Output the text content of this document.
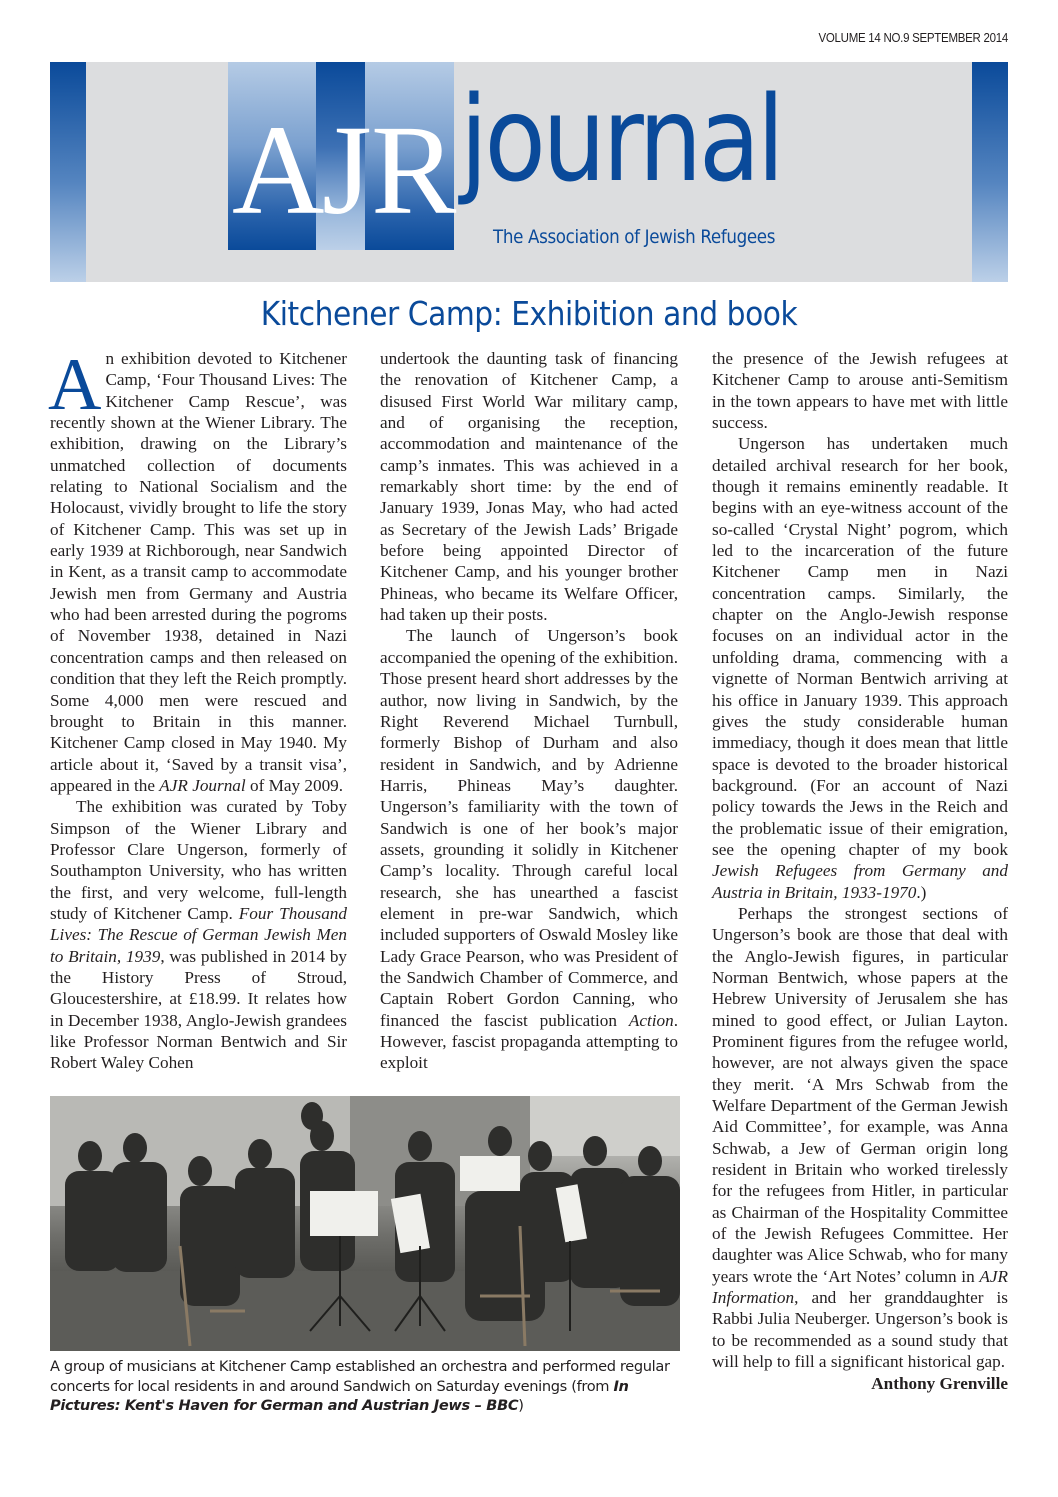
VOLUME 14 NO.9 SEPTEMBER 2014
A
J R journal
The Association of Jewish Refugees
Kitchener Camp: Exhibition and book

An exhibition devoted to Kitchener Camp, ‘Four Thousand Lives: The Kitchener Camp Rescue’, was recently shown at the Wiener Library. The exhibition, drawing on the Library’s unmatched collection of documents relating to National Socialism and the Holocaust, vividly brought to life the story of Kitchener Camp. This was set up in early 1939 at Richborough, near Sandwich in Kent, as a transit camp to accommodate Jewish men from Germany and Austria who had been arrested during the pogroms of November 1938, detained in Nazi concentration camps and then released on condition that they left the Reich promptly. Some 4,000 men were rescued and brought to Britain in this manner. Kitchener Camp closed in May 1940. My article about it, ‘Saved by a transit visa’, appeared in the AJR Journal of May 2009.

The exhibition was curated by Toby Simpson of the Wiener Library and Professor Clare Ungerson, formerly of Southampton University, who has written the first, and very welcome, full-length study of Kitchener Camp. Four Thousand Lives: The Rescue of German Jewish Men to Britain, 1939, was published in 2014 by the History Press of Stroud, Gloucestershire, at £18.99. It relates how in December 1938, Anglo-Jewish grandees like Professor Norman Bentwich and Sir Robert Waley Cohen

undertook the daunting task of financing the renovation of Kitchener Camp, a disused First World War military camp, and of organising the reception, accommodation and maintenance of the camp’s inmates. This was achieved in a remarkably short time: by the end of January 1939, Jonas May, who had acted as Secretary of the Jewish Lads’ Brigade before being appointed Director of Kitchener Camp, and his younger brother Phineas, who became its Welfare Officer, had taken up their posts.

The launch of Ungerson’s book accompanied the opening of the exhibition. Those present heard short addresses by the author, now living in Sandwich, by the Right Reverend Michael Turnbull, formerly Bishop of Durham and also resident in Sandwich, and by Adrienne Harris, Phineas May’s daughter. Ungerson’s familiarity with the town of Sandwich is one of her book’s major assets, grounding it solidly in Kitchener Camp’s locality. Through careful local research, she has unearthed a fascist element in pre-war Sandwich, which included supporters of Oswald Mosley like Lady Grace Pearson, who was President of the Sandwich Chamber of Commerce, and Captain Robert Gordon Canning, who financed the fascist publication Action. However, fascist propaganda attempting to exploit

the presence of the Jewish refugees at Kitchener Camp to arouse anti-Semitism in the town appears to have met with little success.

Ungerson has undertaken much detailed archival research for her book, though it remains eminently readable. It begins with an eye-witness account of the so-called ‘Crystal Night’ pogrom, which led to the incarceration of the future Kitchener Camp men in Nazi concentration camps. Similarly, the chapter on the Anglo-Jewish response focuses on an individual actor in the unfolding drama, commencing with a vignette of Norman Bentwich arriving at his office in January 1939. This approach gives the study considerable human immediacy, though it does mean that little space is devoted to the broader historical background. (For an account of Nazi policy towards the Jews in the Reich and the problematic issue of their emigration, see the opening chapter of my book Jewish Refugees from Germany and Austria in Britain, 1933-1970.)

Perhaps the strongest sections of Ungerson’s book are those that deal with the Anglo-Jewish figures, in particular Norman Bentwich, whose papers at the Hebrew University of Jerusalem she has mined to good effect, or Julian Layton. Prominent figures from the refugee world, however, are not always given the space they merit. ‘A Mrs Schwab from the Welfare Department of the German Jewish Aid Committee’, for example, was Anna Schwab, a Jew of German origin long resident in Britain who worked tirelessly for the refugees from Hitler, in particular as Chairman of the Hospitality Committee of the Jewish Refugees Committee. Her daughter was Alice Schwab, who for many years wrote the ‘Art Notes’ column in AJR Information, and her granddaughter is Rabbi Julia Neuberger. Ungerson’s book is to be recommended as a sound study that will help to fill a significant historical gap.

Anthony Grenville

A group of musicians at Kitchener Camp established an orchestra and performed regular concerts for local residents in and around Sandwich on Saturday evenings (from In Pictures: Kent's Haven for German and Austrian Jews – BBC)
